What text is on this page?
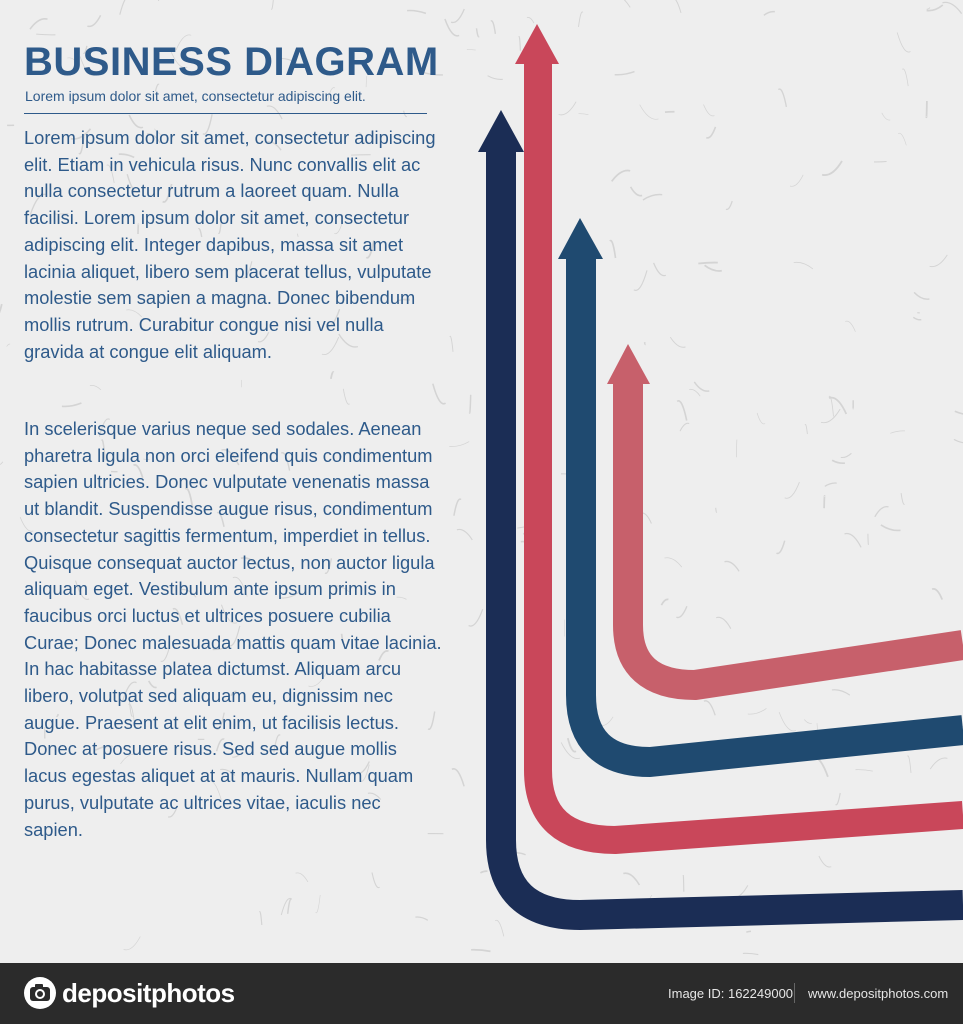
BUSINESS DIAGRAM
Lorem ipsum dolor sit amet, consectetur adipiscing elit.

Lorem ipsum dolor sit amet, consectetur adipiscing elit. Etiam in vehicula risus. Nunc convallis elit ac nulla consectetur rutrum a laoreet quam. Nulla facilisi. Lorem ipsum dolor sit amet, consectetur adipiscing elit. Integer dapibus, massa sit amet lacinia aliquet, libero sem placerat tellus, vulputate molestie sem sapien a magna. Donec bibendum mollis rutrum. Curabitur congue nisi vel nulla gravida at congue elit aliquam.

In scelerisque varius neque sed sodales. Aenean pharetra ligula non orci eleifend quis condimentum sapien ultricies. Donec vulputate venenatis massa ut blandit. Suspendisse augue risus, condimentum consectetur sagittis fermentum, imperdiet in tellus. Quisque consequat auctor lectus, non auctor ligula aliquam eget. Vestibulum ante ipsum primis in faucibus orci luctus et ultrices posuere cubilia Curae; Donec malesuada mattis quam vitae lacinia. In hac habitasse platea dictumst. Aliquam arcu libero, volutpat sed aliquam eu, dignissim nec augue. Praesent at elit enim, ut facilisis lectus. Donec at posuere risus. Sed sed augue mollis lacus egestas aliquet at at mauris. Nullam quam purus, vulputate ac ultrices vitae, iaculis nec sapien.

depositphotos	Image ID: 162249000 www.depositphotos.com
